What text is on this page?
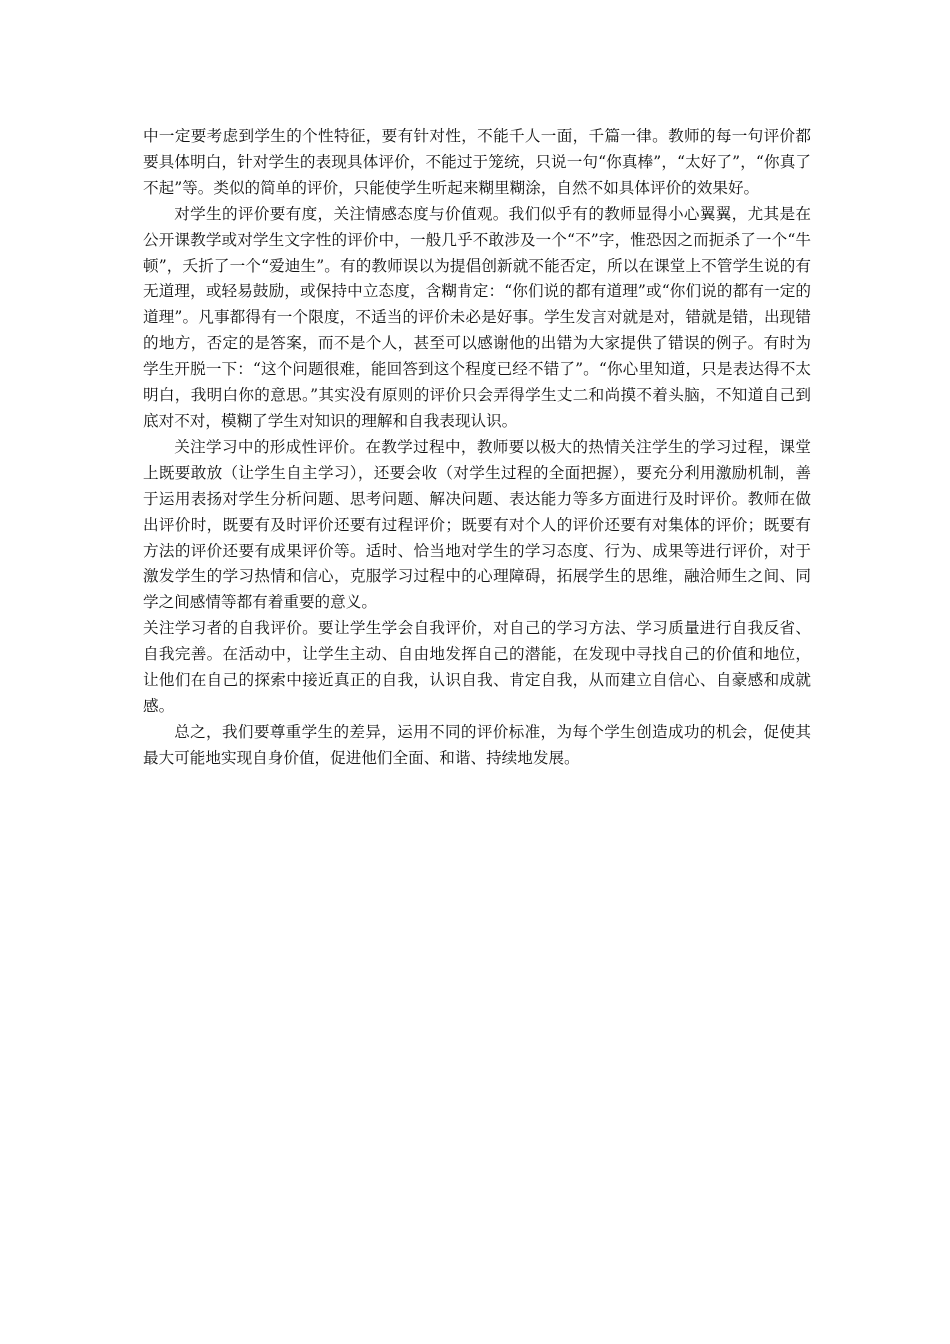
中一定要考虑到学生的个性特征，要有针对性，不能千人一面，千篇一律。教师的每一句评价都要具体明白，针对学生的表现具体评价，不能过于笼统，只说一句“你真棒”，“太好了”，“你真了不起”等。类似的简单的评价，只能使学生听起来糊里糊涂，自然不如具体评价的效果好。

对学生的评价要有度，关注情感态度与价值观。我们似乎有的教师显得小心翼翼，尤其是在公开课教学或对学生文字性的评价中，一般几乎不敢涉及一个“不”字，惟恐因之而扼杀了一个“牛顿”，夭折了一个“爱迪生”。有的教师误以为提倡创新就不能否定，所以在课堂上不管学生说的有无道理，或轻易鼓励，或保持中立态度，含糊肯定：“你们说的都有道理”或“你们说的都有一定的道理”。凡事都得有一个限度，不适当的评价未必是好事。学生发言对就是对，错就是错，出现错的地方，否定的是答案，而不是个人，甚至可以感谢他的出错为大家提供了错误的例子。有时为学生开脱一下：“这个问题很难，能回答到这个程度已经不错了”。“你心里知道，只是表达得不太明白，我明白你的意思。”其实没有原则的评价只会弄得学生丈二和尚摸不着头脑，不知道自己到底对不对，模糊了学生对知识的理解和自我表现认识。

关注学习中的形成性评价。在教学过程中，教师要以极大的热情关注学生的学习过程，课堂上既要敢放（让学生自主学习），还要会收（对学生过程的全面把握），要充分利用激励机制，善于运用表扬对学生分析问题、思考问题、解决问题、表达能力等多方面进行及时评价。教师在做出评价时，既要有及时评价还要有过程评价；既要有对个人的评价还要有对集体的评价；既要有方法的评价还要有成果评价等。适时、恰当地对学生的学习态度、行为、成果等进行评价，对于激发学生的学习热情和信心，克服学习过程中的心理障碍，拓展学生的思维，融洽师生之间、同学之间感情等都有着重要的意义。

关注学习者的自我评价。要让学生学会自我评价，对自己的学习方法、学习质量进行自我反省、自我完善。在活动中，让学生主动、自由地发挥自己的潜能，在发现中寻找自己的价值和地位，让他们在自己的探索中接近真正的自我，认识自我、肯定自我，从而建立自信心、自豪感和成就感。

总之，我们要尊重学生的差异，运用不同的评价标准，为每个学生创造成功的机会，促使其最大可能地实现自身价值，促进他们全面、和谐、持续地发展。
